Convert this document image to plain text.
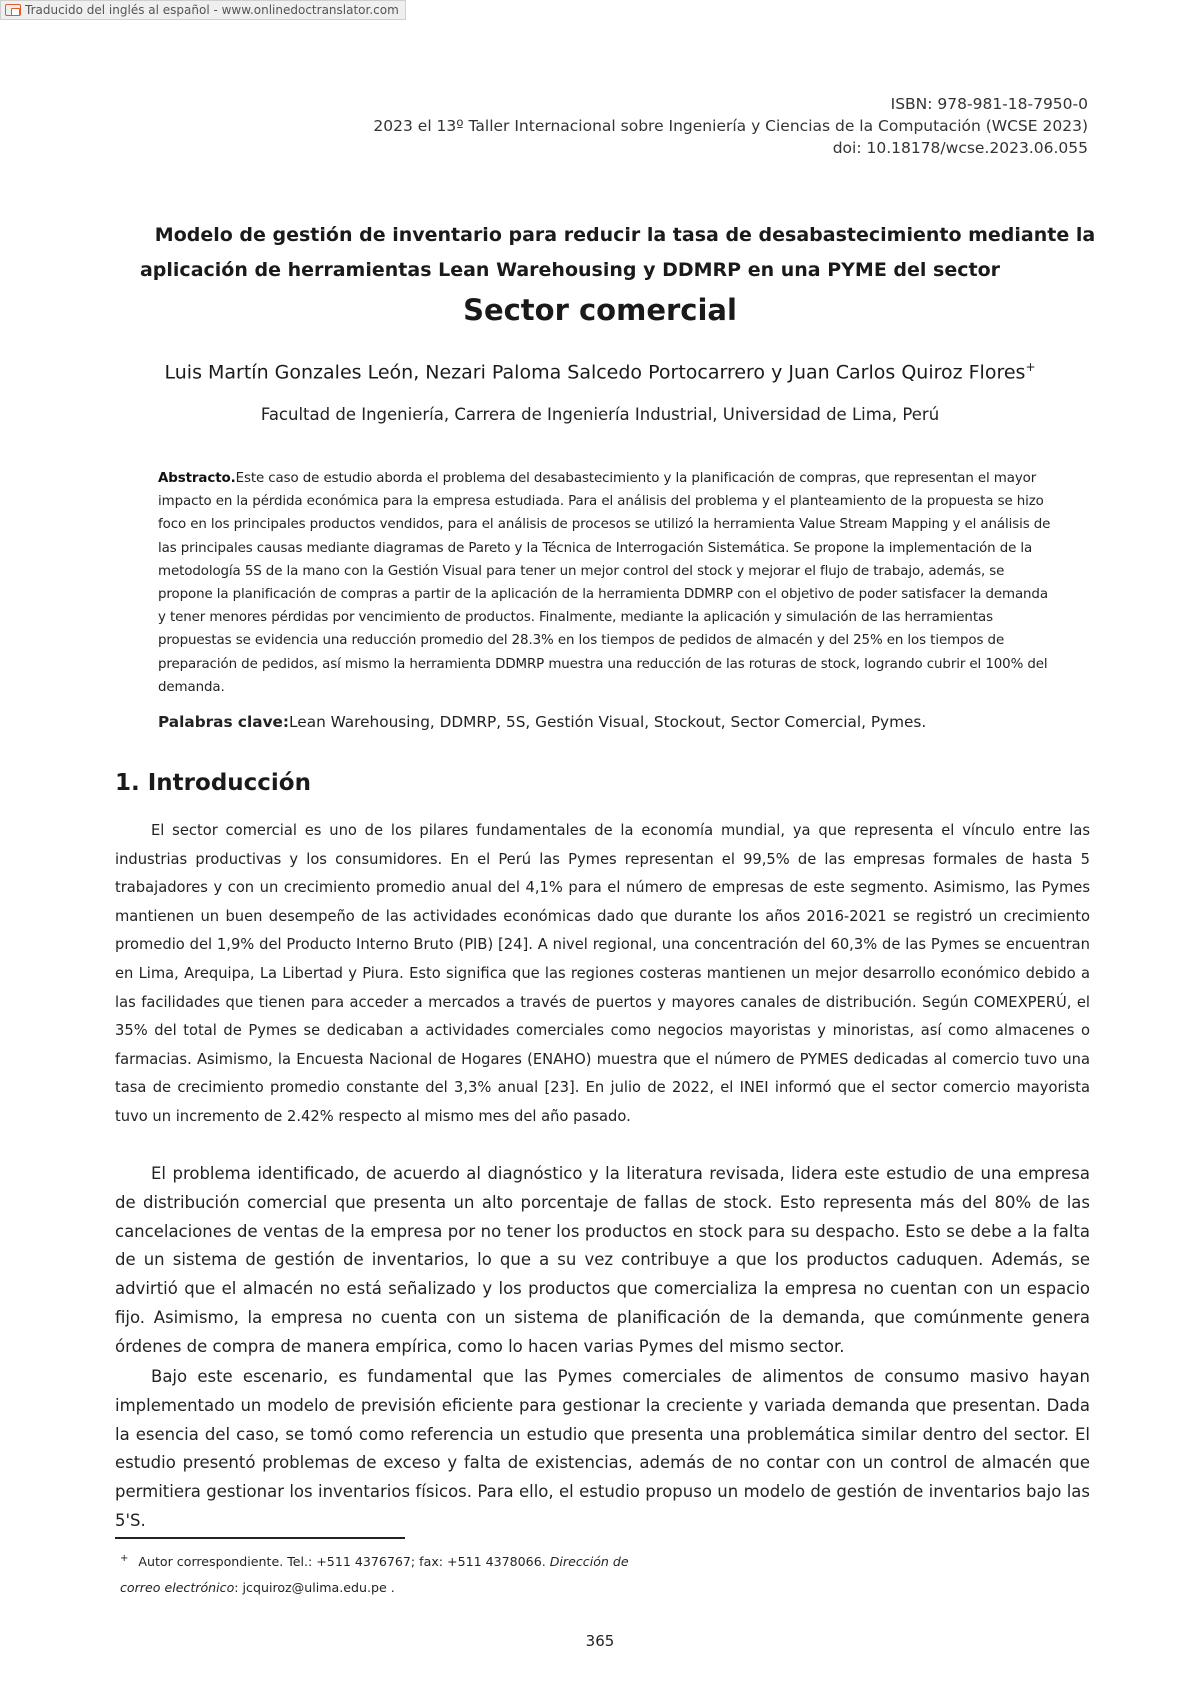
Traducido del inglés al español - www.onlinedoctranslator.com
ISBN: 978-981-18-7950-0
2023 el 13º Taller Internacional sobre Ingeniería y Ciencias de la Computación (WCSE 2023)
doi: 10.18178/wcse.2023.06.055
Modelo de gestión de inventario para reducir la tasa de desabastecimiento mediante la
aplicación de herramientas Lean Warehousing y DDMRP en una PYME del sector
Sector comercial
Luis Martín Gonzales León, Nezari Paloma Salcedo Portocarrero y Juan Carlos Quiroz Flores+
Facultad de Ingeniería, Carrera de Ingeniería Industrial, Universidad de Lima, Perú
Abstracto.Este caso de estudio aborda el problema del desabastecimiento y la planificación de compras, que representan el mayor impacto en la pérdida económica para la empresa estudiada. Para el análisis del problema y el planteamiento de la propuesta se hizo foco en los principales productos vendidos, para el análisis de procesos se utilizó la herramienta Value Stream Mapping y el análisis de las principales causas mediante diagramas de Pareto y la Técnica de Interrogación Sistemática. Se propone la implementación de la metodología 5S de la mano con la Gestión Visual para tener un mejor control del stock y mejorar el flujo de trabajo, además, se propone la planificación de compras a partir de la aplicación de la herramienta DDMRP con el objetivo de poder satisfacer la demanda y tener menores pérdidas por vencimiento de productos. Finalmente, mediante la aplicación y simulación de las herramientas propuestas se evidencia una reducción promedio del 28.3% en los tiempos de pedidos de almacén y del 25% en los tiempos de preparación de pedidos, así mismo la herramienta DDMRP muestra una reducción de las roturas de stock, logrando cubrir el 100% del demanda.
Palabras clave:Lean Warehousing, DDMRP, 5S, Gestión Visual, Stockout, Sector Comercial, Pymes.
1. Introducción

El sector comercial es uno de los pilares fundamentales de la economía mundial, ya que representa el vínculo entre las industrias productivas y los consumidores. En el Perú las Pymes representan el 99,5% de las empresas formales de hasta 5 trabajadores y con un crecimiento promedio anual del 4,1% para el número de empresas de este segmento. Asimismo, las Pymes mantienen un buen desempeño de las actividades económicas dado que durante los años 2016-2021 se registró un crecimiento promedio del 1,9% del Producto Interno Bruto (PIB) [24]. A nivel regional, una concentración del 60,3% de las Pymes se encuentran en Lima, Arequipa, La Libertad y Piura. Esto significa que las regiones costeras mantienen un mejor desarrollo económico debido a las facilidades que tienen para acceder a mercados a través de puertos y mayores canales de distribución. Según COMEXPERÚ, el 35% del total de Pymes se dedicaban a actividades comerciales como negocios mayoristas y minoristas, así como almacenes o farmacias. Asimismo, la Encuesta Nacional de Hogares (ENAHO) muestra que el número de PYMES dedicadas al comercio tuvo una tasa de crecimiento promedio constante del 3,3% anual [23]. En julio de 2022, el INEI informó que el sector comercio mayorista tuvo un incremento de 2.42% respecto al mismo mes del año pasado.

El problema identificado, de acuerdo al diagnóstico y la literatura revisada, lidera este estudio de una empresa de distribución comercial que presenta un alto porcentaje de fallas de stock. Esto representa más del 80% de las cancelaciones de ventas de la empresa por no tener los productos en stock para su despacho. Esto se debe a la falta de un sistema de gestión de inventarios, lo que a su vez contribuye a que los productos caduquen. Además, se advirtió que el almacén no está señalizado y los productos que comercializa la empresa no cuentan con un espacio fijo. Asimismo, la empresa no cuenta con un sistema de planificación de la demanda, que comúnmente genera órdenes de compra de manera empírica, como lo hacen varias Pymes del mismo sector.

Bajo este escenario, es fundamental que las Pymes comerciales de alimentos de consumo masivo hayan implementado un modelo de previsión eficiente para gestionar la creciente y variada demanda que presentan. Dada la esencia del caso, se tomó como referencia un estudio que presenta una problemática similar dentro del sector. El estudio presentó problemas de exceso y falta de existencias, además de no contar con un control de almacén que permitiera gestionar los inventarios físicos. Para ello, el estudio propuso un modelo de gestión de inventarios bajo las 5'S.

+ Autor correspondiente. Tel.: +511 4376767; fax: +511 4378066. Dirección de correo electrónico: jcquiroz@ulima.edu.pe .
365
